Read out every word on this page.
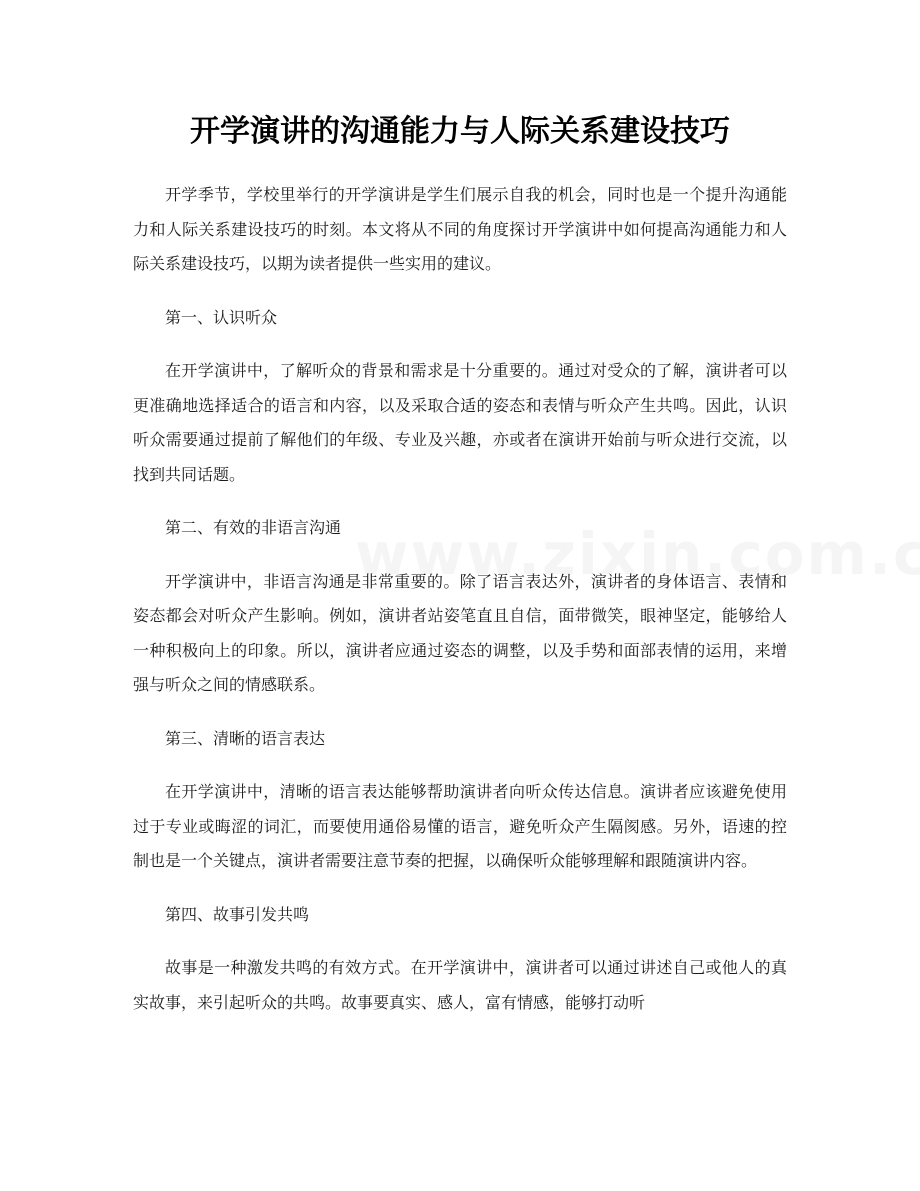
开学演讲的沟通能力与人际关系建设技巧

开学季节，学校里举行的开学演讲是学生们展示自我的机会，同时也是一个提升沟通能力和人际关系建设技巧的时刻。本文将从不同的角度探讨开学演讲中如何提高沟通能力和人际关系建设技巧，以期为读者提供一些实用的建议。

第一、认识听众

在开学演讲中，了解听众的背景和需求是十分重要的。通过对受众的了解，演讲者可以更准确地选择适合的语言和内容，以及采取合适的姿态和表情与听众产生共鸣。因此，认识听众需要通过提前了解他们的年级、专业及兴趣，亦或者在演讲开始前与听众进行交流，以找到共同话题。

第二、有效的非语言沟通

开学演讲中，非语言沟通是非常重要的。除了语言表达外，演讲者的身体语言、表情和姿态都会对听众产生影响。例如，演讲者站姿笔直且自信，面带微笑，眼神坚定，能够给人一种积极向上的印象。所以，演讲者应通过姿态的调整，以及手势和面部表情的运用，来增强与听众之间的情感联系。

第三、清晰的语言表达

在开学演讲中，清晰的语言表达能够帮助演讲者向听众传达信息。演讲者应该避免使用过于专业或晦涩的词汇，而要使用通俗易懂的语言，避免听众产生隔阂感。另外，语速的控制也是一个关键点，演讲者需要注意节奏的把握，以确保听众能够理解和跟随演讲内容。

第四、故事引发共鸣

故事是一种激发共鸣的有效方式。在开学演讲中，演讲者可以通过讲述自己或他人的真实故事，来引起听众的共鸣。故事要真实、感人，富有情感，能够打动听
